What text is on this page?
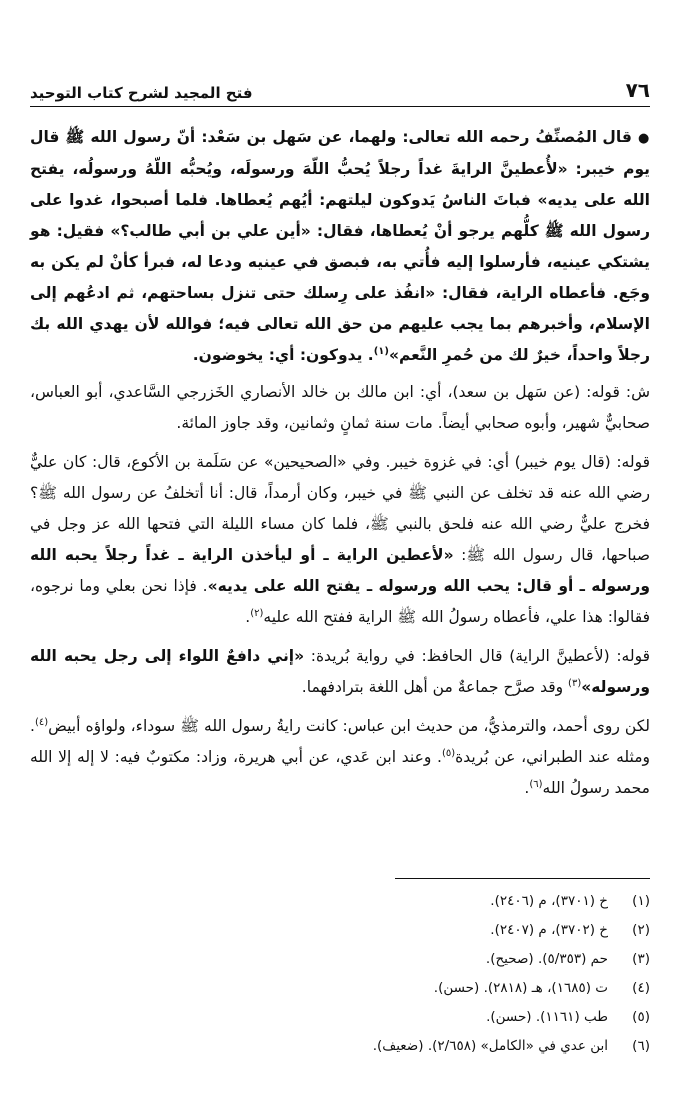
٧٦
فتح المجيد لشرح كتاب التوحيد

● قال المُصنِّفُ رحمه الله تعالى: ولهما، عن سَهل بن سَعْد: أنّ رسول الله ﷺ قال يوم خيبر: «لأُعطينَّ الرايةَ غداً رجلاً يُحبُّ اللّهَ ورسولَه، ويُحبُّه اللّهُ ورسولُه، يفتح الله على يديه» فباتَ الناسُ يَدوكون ليلتهم: أيُهم يُعطاها. فلما أصبحوا، غدوا على رسول الله ﷺ كلُّهم يرجو أنْ يُعطاها، فقال: «أين علي بن أبي طالب؟» فقيل: هو يشتكي عينيه، فأرسلوا إليه فأُتي به، فبصق في عينيه ودعا له، فبرأ كأنْ لم يكن به وجَع. فأعطاه الراية، فقال: «انفُذ على رِسلك حتى تنزل بساحتهم، ثم ادعُهم إلى الإسلام، وأخبرهم بما يجب عليهم من حق الله تعالى فيه؛ فوالله لأن يهدي الله بك رجلاً واحداً، خيرٌ لك من حُمرِ النَّعم»$^{(١)}$. يدوكون: أي: يخوضون.

ش: قوله: (عن سَهل بن سعد)، أي: ابن مالك بن خالد الأنصاري الخَزرجي السَّاعدي، أبو العباس، صحابيٌّ شهير، وأبوه صحابي أيضاً. مات سنة ثمانٍ وثمانين، وقد جاوز المائة.

قوله: (قال يوم خيبر) أي: في غزوة خيبر. وفي «الصحيحين» عن سَلَمة بن الأكوع، قال: كان عليٌّ رضي الله عنه قد تخلف عن النبي ﷺ في خيبر، وكان أرمداً، قال: أنا أتخلفُ عن رسول الله ﷺ؟ فخرج عليٌّ رضي الله عنه فلحق بالنبي ﷺ، فلما كان مساء الليلة التي فتحها الله عز وجل في صباحها، قال رسول الله ﷺ: «لأعطين الراية ـ أو ليأخذن الراية ـ غداً رجلاً يحبه الله ورسوله ـ أو قال: يحب الله ورسوله ـ يفتح الله على يديه». فإذا نحن بعلي وما نرجوه، فقالوا: هذا علي، فأعطاه رسولُ الله ﷺ الراية ففتح الله عليه$^{(٢)}$.

قوله: (لأعطينَّ الراية) قال الحافظ: في رواية بُريدة: «إني دافعٌ اللواء إلى رجل يحبه الله ورسوله»$^{(٣)}$ وقد صرَّح جماعةٌ من أهل اللغة بترادفهما.

لكن روى أحمد، والترمذيُّ، من حديث ابن عباس: كانت رايةُ رسول الله ﷺ سوداء، ولواؤه أبيض$^{(٤)}$. ومثله عند الطبراني، عن بُريدة$^{(٥)}$. وعند ابن عَدي، عن أبي هريرة، وزاد: مكتوبٌ فيه: لا إله إلا الله محمد رسولُ الله$^{(٦)}$.

(١)
خ (٣٧٠١)، م (٢٤٠٦).
(٢)
خ (٣٧٠٢)، م (٢٤٠٧).
(٣)
حم (٥/٣٥٣). (صحيح).
(٤)
ت (١٦٨٥)، هـ (٢٨١٨). (حسن).
(٥)
طب (١١٦١). (حسن).
(٦)
ابن عدي في «الكامل» (٢/٦٥٨). (ضعيف).
